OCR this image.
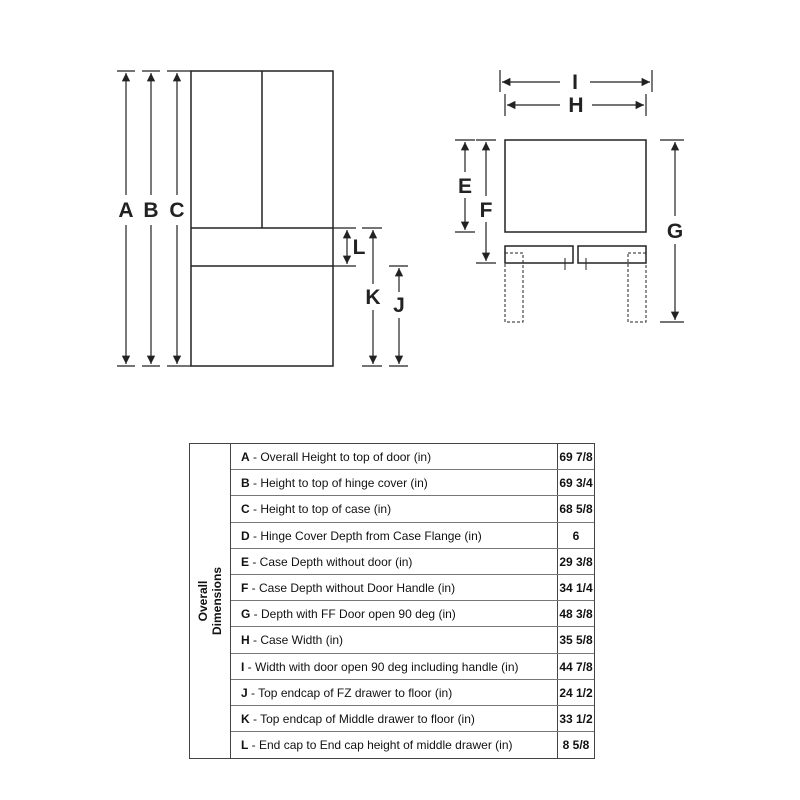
A B C
L
K J
I
H
E
F
G
Overall
Dimensions
A - Overall Height to top of door (in)	69 7/8
B - Height to top of hinge cover (in)	69 3/4
C - Height to top of case (in)	68 5/8
D - Hinge Cover Depth from Case Flange (in)	6
E - Case Depth without door (in)	29 3/8
F - Case Depth without Door Handle (in)	34 1/4
G - Depth with FF Door open 90 deg (in)	48 3/8
H - Case Width (in)	35 5/8
I - Width with door open 90 deg including handle (in)	44 7/8
J - Top endcap of FZ drawer to floor (in)	24 1/2
K - Top endcap of Middle drawer to floor (in)	33 1/2
L - End cap to End cap height of middle drawer (in)	8 5/8
